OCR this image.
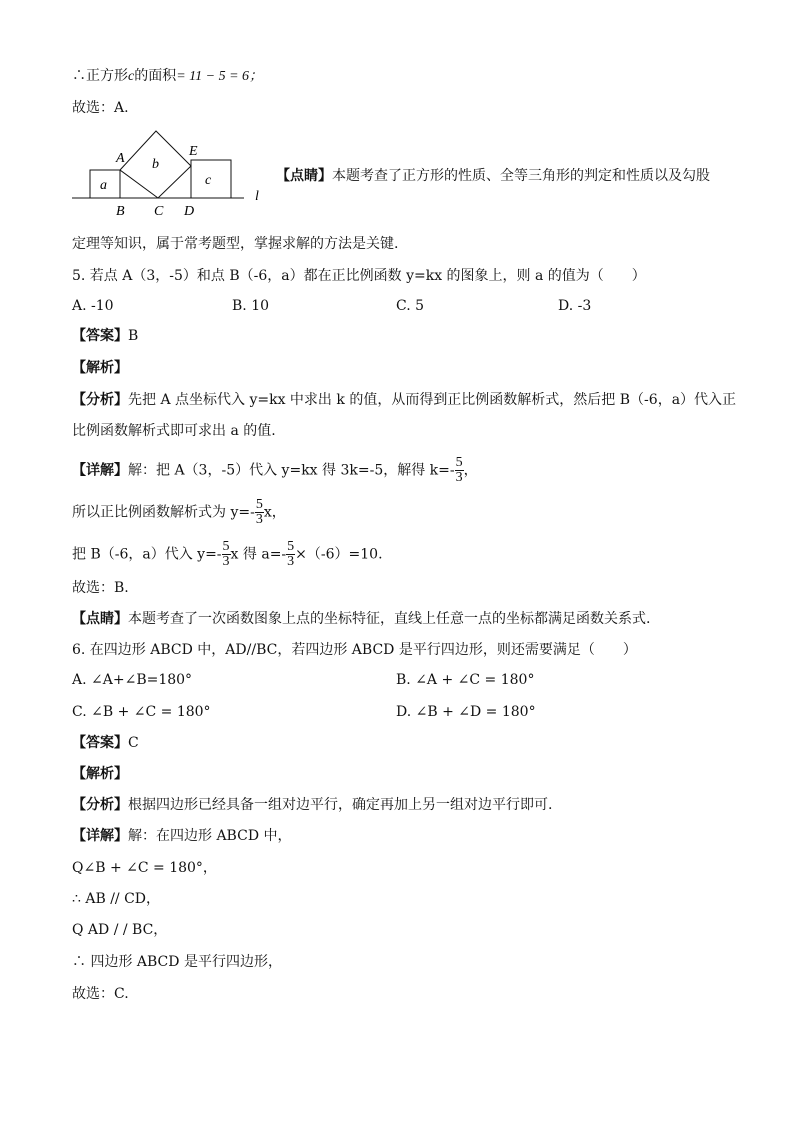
∴正方形c的面积= 11 − 5 = 6；
故选：A.
a
b
c
A	E
B C D
l
【点睛】本题考查了正方形的性质、全等三角形的判定和性质以及勾股
定理等知识，属于常考题型，掌握求解的方法是关键.
5. 若点 A（3，-5）和点 B（-6，a）都在正比例函数 y=kx 的图象上，则 a 的值为（　　）
A. -10	B. 10	C. 5	D. -3
【答案】B
【解析】
【分析】先把 A 点坐标代入 y=kx 中求出 k 的值，从而得到正比例函数解析式，然后把 B（-6，a）代入正
比例函数解析式即可求出 a 的值.
【详解】解：把 A（3，-5）代入 y=kx 得 3k=-5，解得 $k=- \frac{5}{3}$ ，
所以正比例函数解析式为 $y=- \frac{5}{3}$ x，
把 B（-6，a）代入 $y=- \frac{5}{3}$ x 得 $a=- \frac{5}{3} \times(-6)=10$.
故选：B.
【点睛】本题考查了一次函数图象上点的坐标特征，直线上任意一点的坐标都满足函数关系式.
6. 在四边形 ABCD 中，AD//BC，若四边形 ABCD 是平行四边形，则还需要满足（　　）
A. ∠A+∠B=180°	B. ∠A + ∠C = 180°
C. ∠B + ∠C = 180°	D. ∠B + ∠D = 180°
【答案】C
【解析】
【分析】根据四边形已经具备一组对边平行，确定再加上另一组对边平行即可.
【详解】解：在四边形 ABCD 中，
Q∠B + ∠C = 180°，
∴ AB // CD，
Q AD / / BC，
∴ 四边形 ABCD 是平行四边形，
故选：C.
